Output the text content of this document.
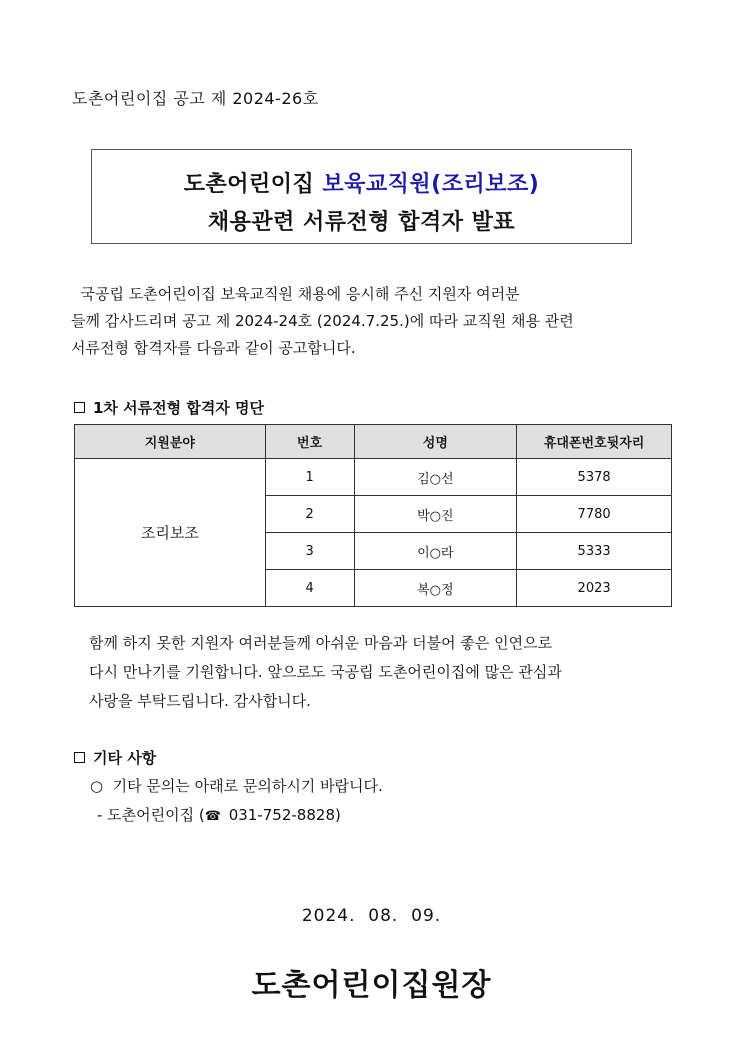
도촌어린이집 공고 제 2024-26호
도촌어린이집 보육교직원(조리보조)
채용관련 서류전형 합격자 발표

국공립 도촌어린이집 보육교직원 채용에 응시해 주신 지원자 여러분

들께 감사드리며 공고 제 2024-24호 (2024.7.25.)에 따라 교직원 채용 관련

서류전형 합격자를 다음과 같이 공고합니다.

1차 서류전형 합격자 명단
지원분야	번호	성명	휴대폰번호뒷자리
조리보조	1	김○선	5378
	2	박○진	7780
	3	이○라	5333
	4	복○정	2023

함께 하지 못한 지원자 여러분들께 아쉬운 마음과 더불어 좋은 인연으로

다시 만나기를 기원합니다. 앞으로도 국공립 도촌어린이집에 많은 관심과

사랑을 부탁드립니다. 감사합니다.

기타 사항
○  기타 문의는 아래로 문의하시기 바랍니다.
- 도촌어린이집 (☎ 031-752-8828)
2024.  08.  09.
도촌어린이집원장
